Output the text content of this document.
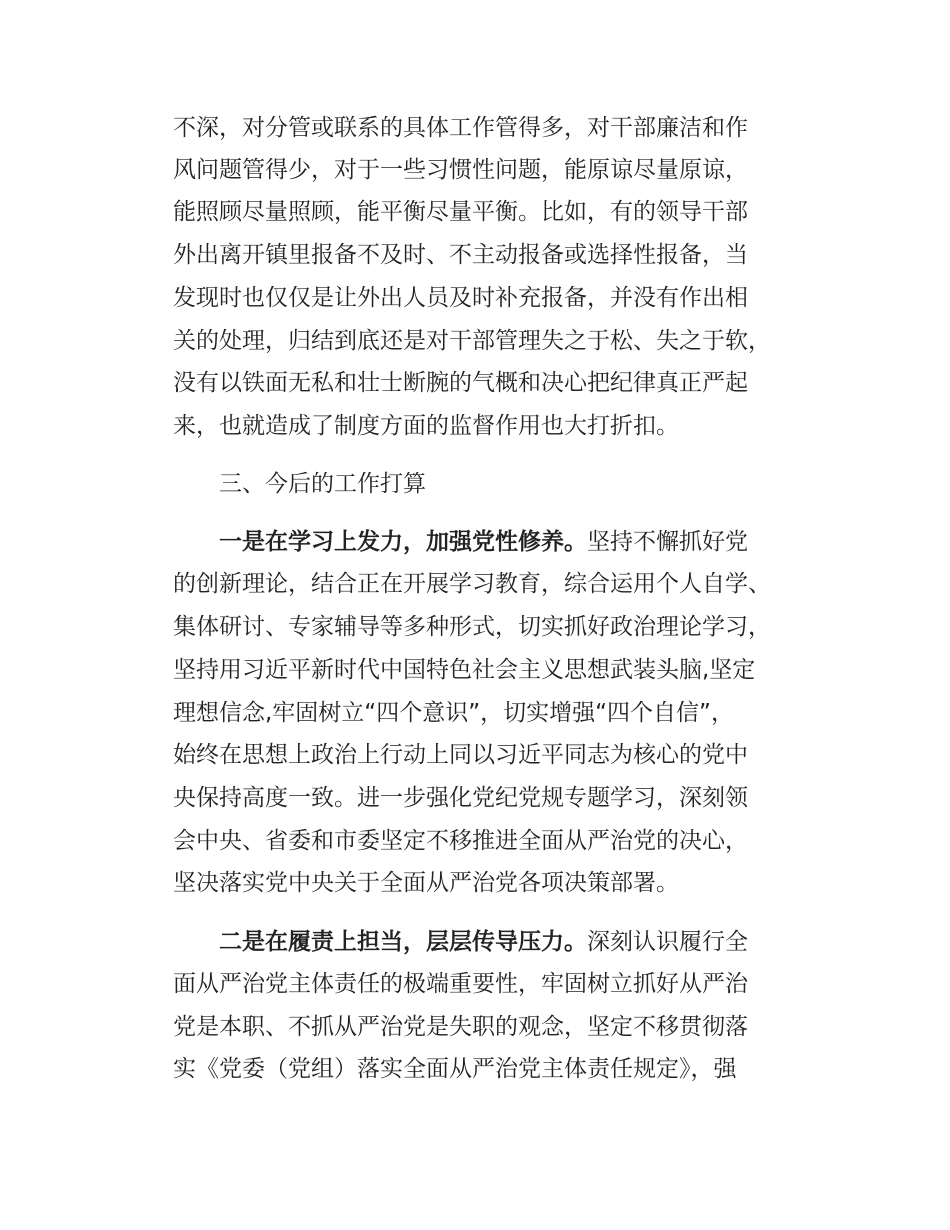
不深，对分管或联系的具体工作管得多，对干部廉洁和作
风问题管得少，对于一些习惯性问题，能原谅尽量原谅，
能照顾尽量照顾，能平衡尽量平衡。比如，有的领导干部
外出离开镇里报备不及时、不主动报备或选择性报备，当
发现时也仅仅是让外出人员及时补充报备，并没有作出相
关的处理，归结到底还是对干部管理失之于松、失之于软，
没有以铁面无私和壮士断腕的气概和决心把纪律真正严起
来，也就造成了制度方面的监督作用也大打折扣。
三、今后的工作打算
一是在学习上发力，加强党性修养。坚持不懈抓好党
的创新理论，结合正在开展学习教育，综合运用个人自学、
集体研讨、专家辅导等多种形式，切实抓好政治理论学习，
坚持用习近平新时代中国特色社会主义思想武装头脑,坚定
理想信念,牢固树立“四个意识”，切实增强“四个自信”，
始终在思想上政治上行动上同以习近平同志为核心的党中
央保持高度一致。进一步强化党纪党规专题学习，深刻领
会中央、省委和市委坚定不移推进全面从严治党的决心，
坚决落实党中央关于全面从严治党各项决策部署。
二是在履责上担当，层层传导压力。深刻认识履行全
面从严治党主体责任的极端重要性，牢固树立抓好从严治
党是本职、不抓从严治党是失职的观念，坚定不移贯彻落
实《党委（党组）落实全面从严治党主体责任规定》，强
